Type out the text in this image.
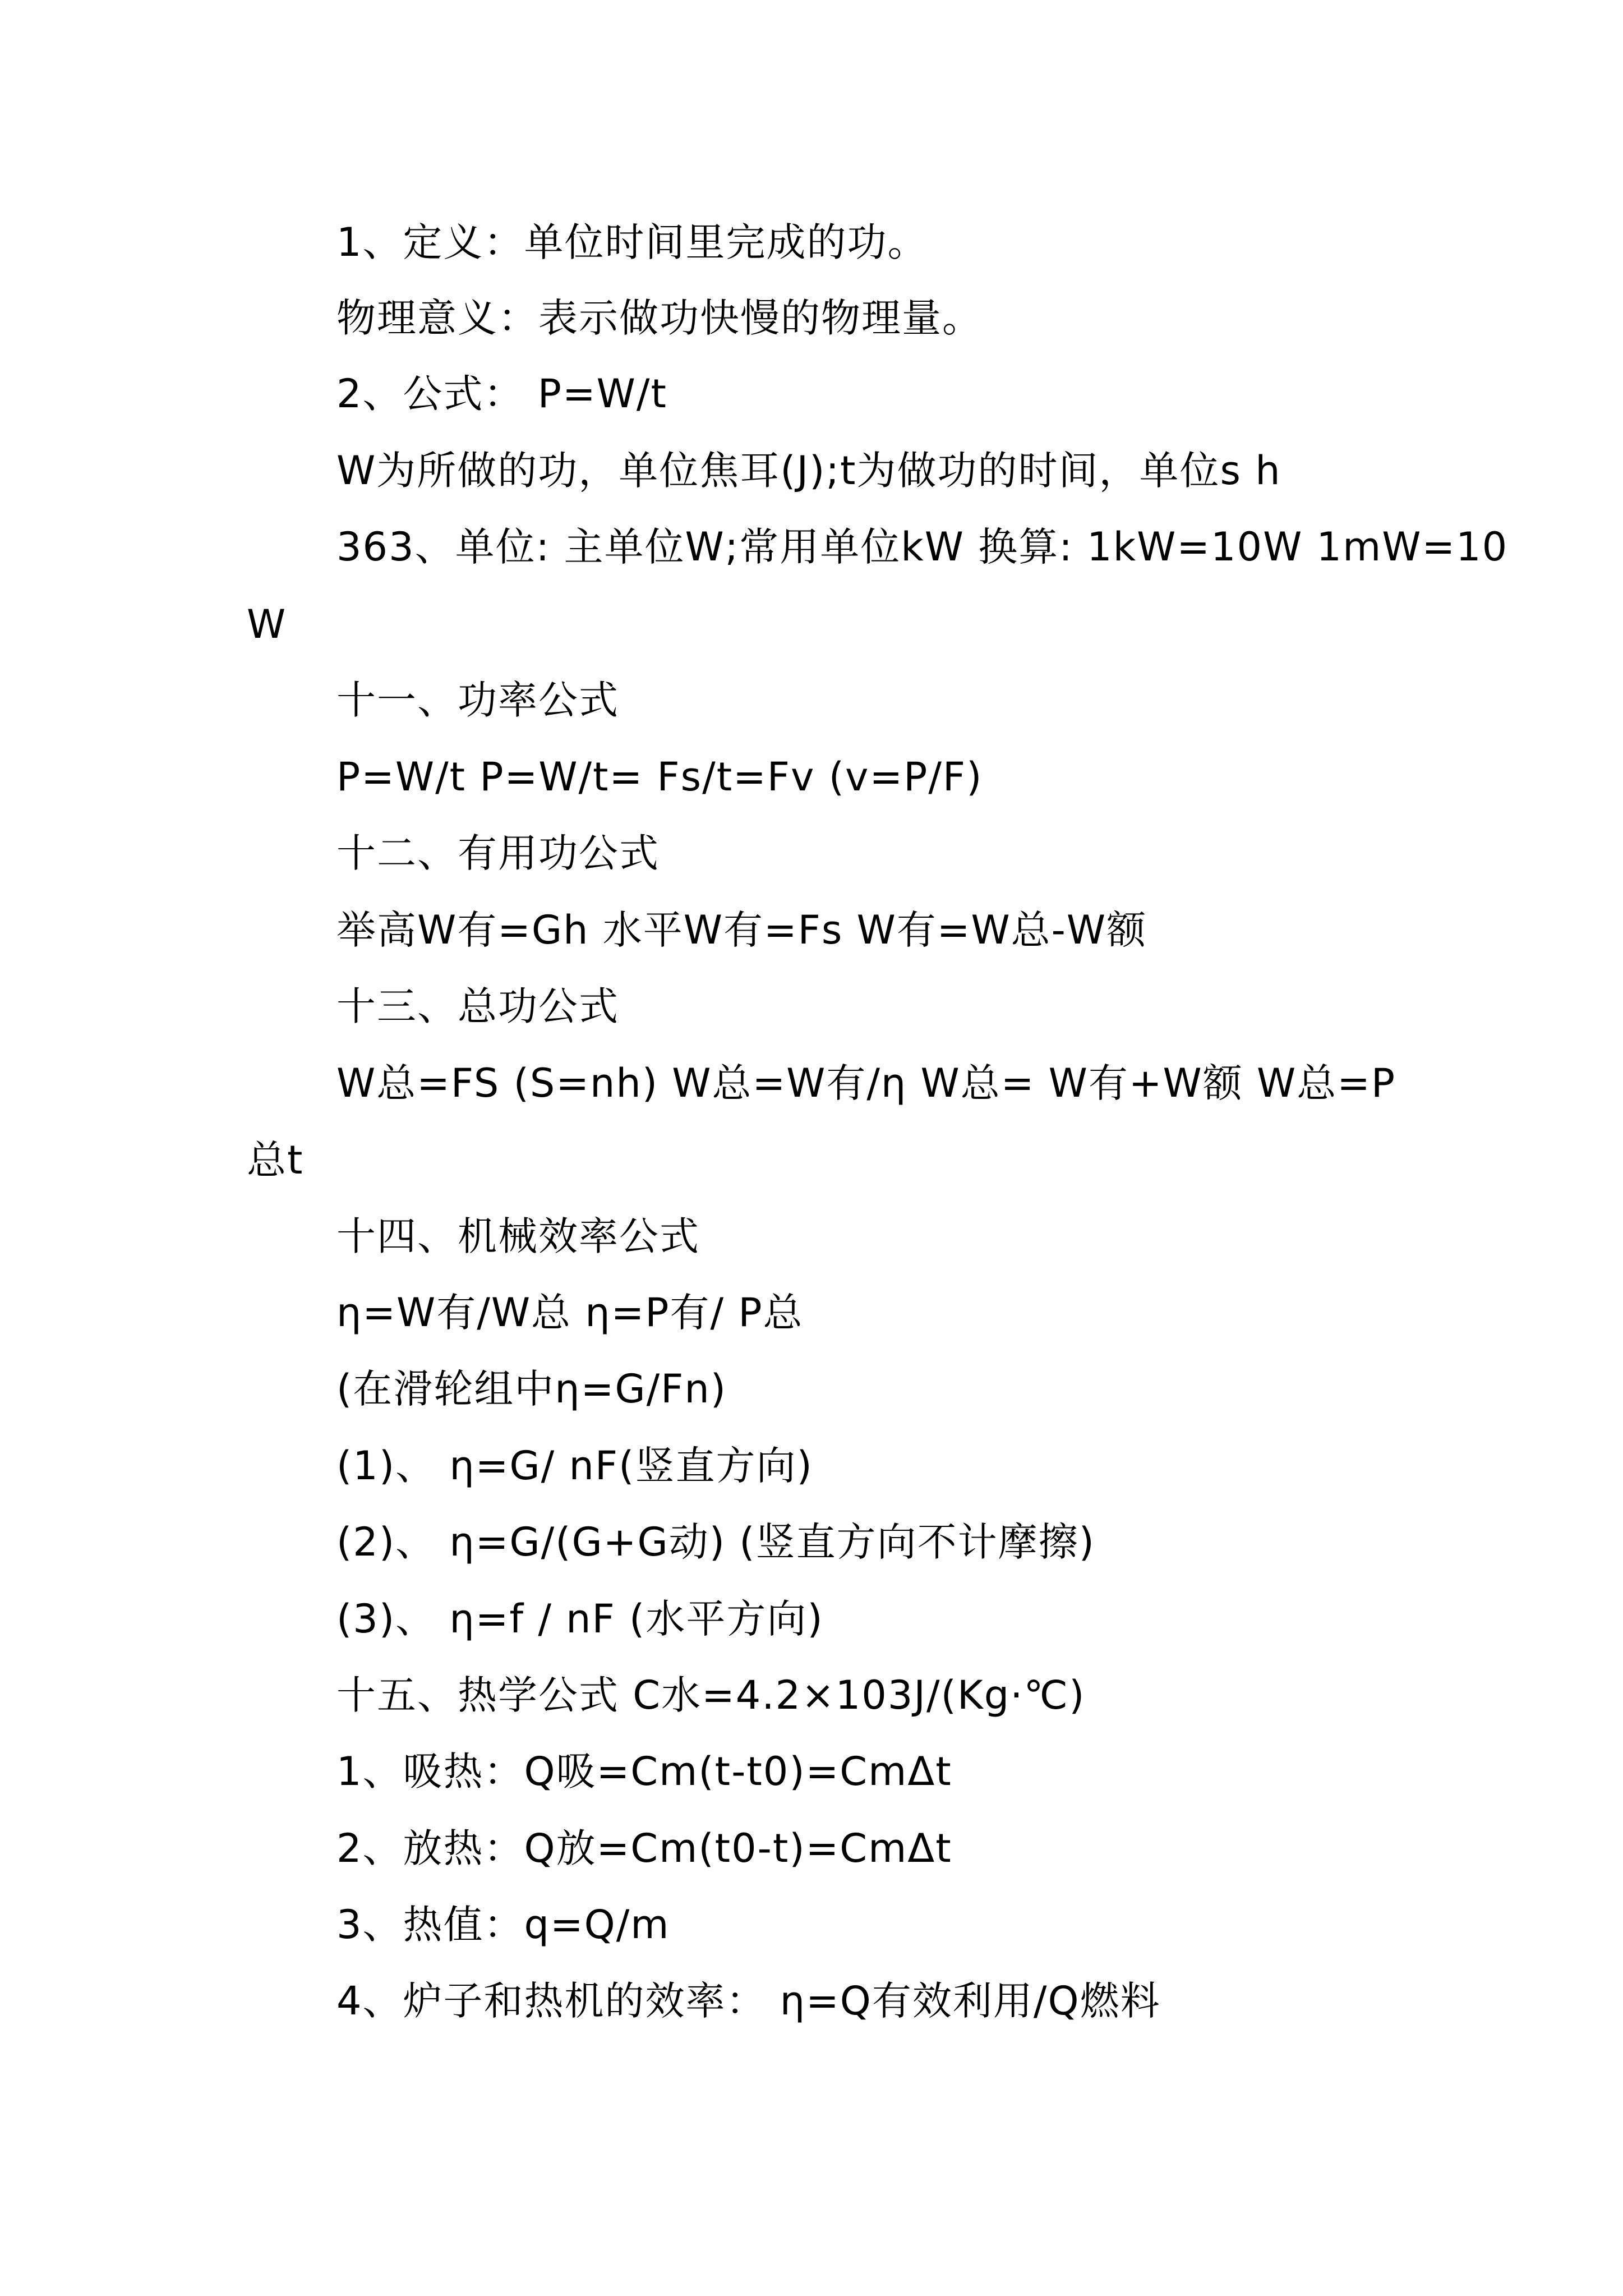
1、定义：单位时间里完成的功。
物理意义：表示做功快慢的物理量。
2、公式： P=W/t
W为所做的功，单位焦耳(J);t为做功的时间，单位s h
363、单位: 主单位W;常用单位kW 换算: 1kW=10W 1mW=10
W
十一、功率公式
P=W/t P=W/t= Fs/t=Fv (v=P/F)
十二、有用功公式
举高W有=Gh 水平W有=Fs W有=W总-W额
十三、总功公式
W总=FS (S=nh) W总=W有/η W总= W有+W额 W总=P
总t
十四、机械效率公式
η=W有/W总 η=P有/ P总
(在滑轮组中η=G/Fn)
(1)、 η=G/ nF(竖直方向)
(2)、 η=G/(G+G动) (竖直方向不计摩擦)
(3)、 η=f / nF (水平方向)
十五、热学公式 C水=4.2×103J/(Kg·℃)
1、吸热：Q吸=Cm(t-t0)=CmΔt
2、放热：Q放=Cm(t0-t)=CmΔt
3、热值：q=Q/m
4、炉子和热机的效率： η=Q有效利用/Q燃料
